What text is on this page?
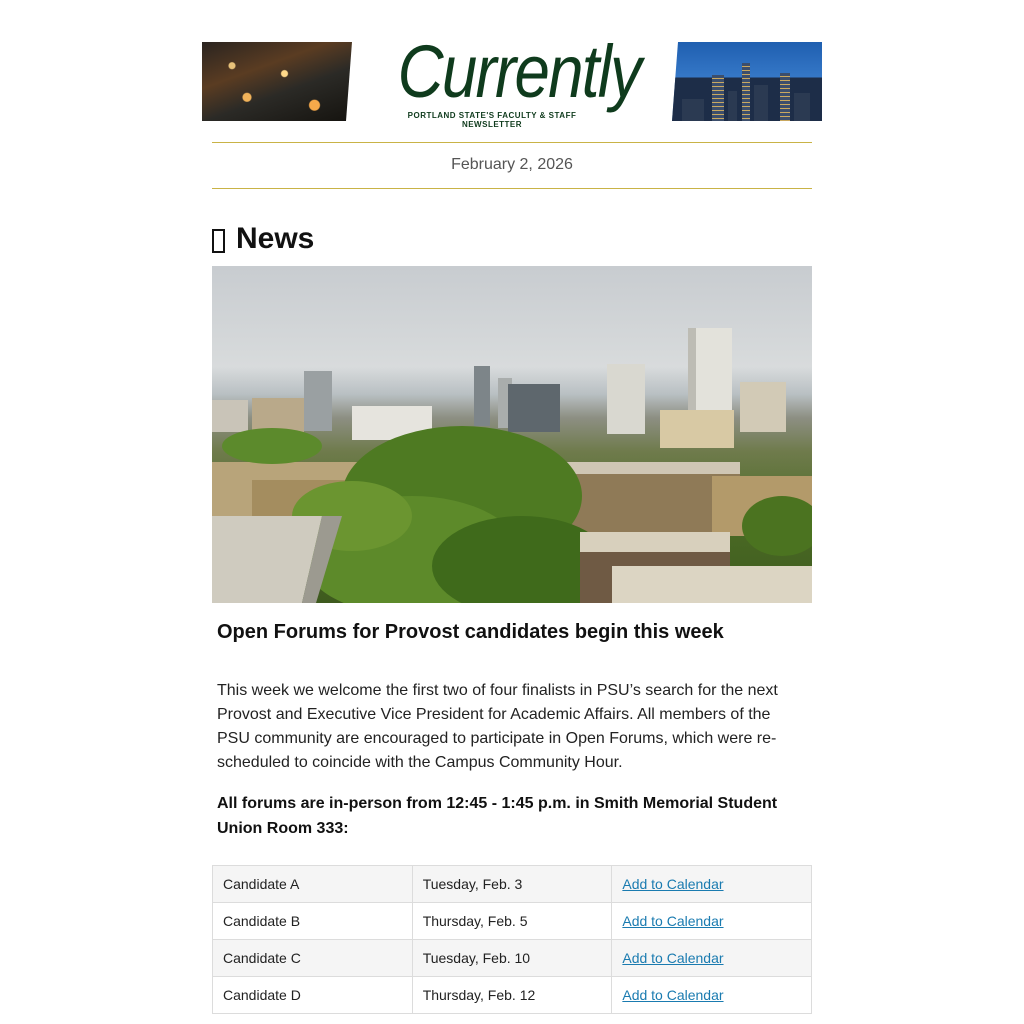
Currently
PORTLAND STATE'S FACULTY & STAFF NEWSLETTER
February 2, 2026
News
Open Forums for Provost candidates begin this week
This week we welcome the first two of four finalists in PSU’s search for the next Provost and Executive Vice President for Academic Affairs. All members of the PSU community are encouraged to participate in Open Forums, which were re-scheduled to coincide with the Campus Community Hour.
All forums are in-person from 12:45 - 1:45 p.m. in Smith Memorial Student Union Room 333:
Candidate A	Tuesday, Feb. 3	Add to Calendar
Candidate B	Thursday, Feb. 5	Add to Calendar
Candidate C	Tuesday, Feb. 10	Add to Calendar
Candidate D	Thursday, Feb. 12	Add to Calendar
